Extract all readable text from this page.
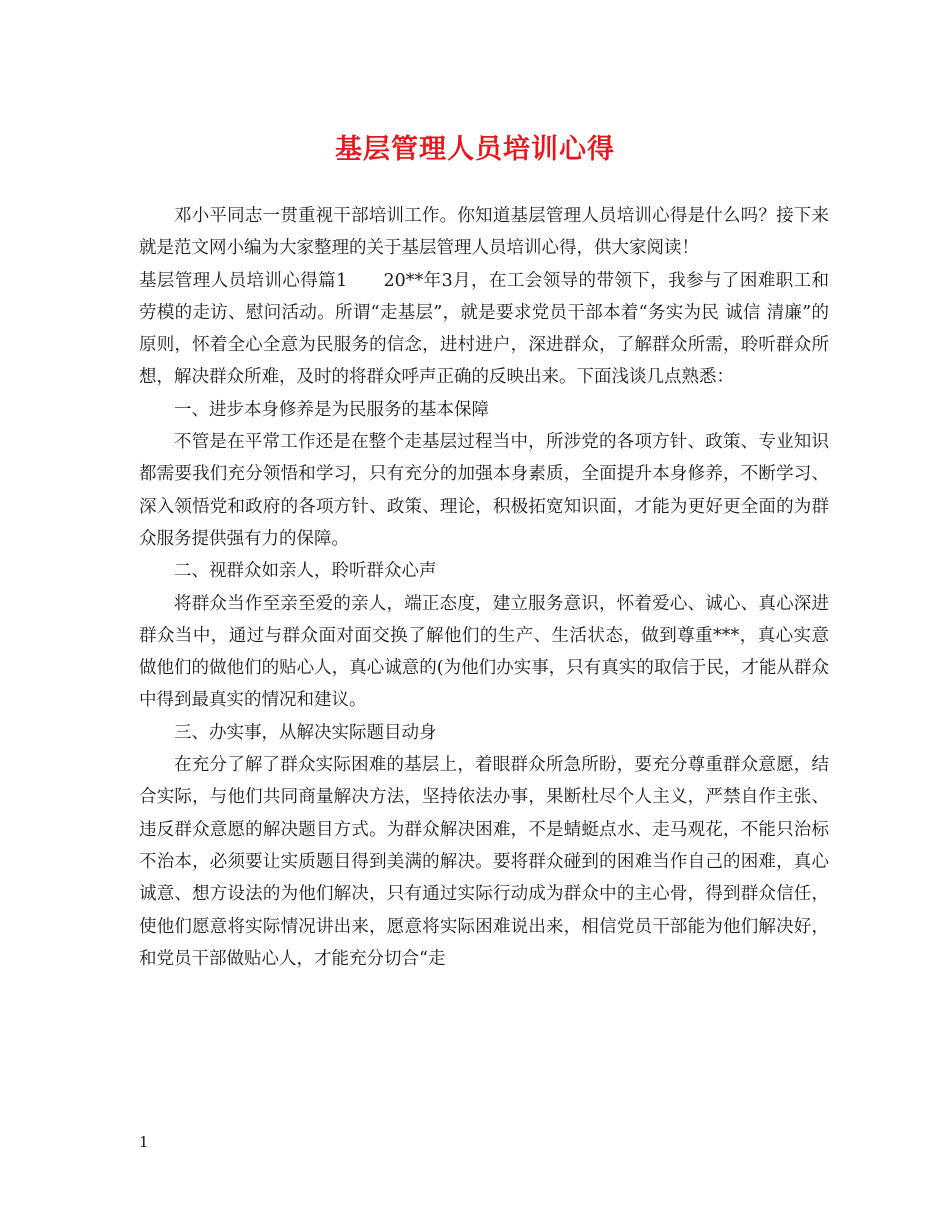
基层管理人员培训心得

邓小平同志一贯重视干部培训工作。你知道基层管理人员培训心得是什么吗？接下来就是范文网小编为大家整理的关于基层管理人员培训心得，供大家阅读！

基层管理人员培训心得篇1　　20**年3月，在工会领导的带领下，我参与了困难职工和劳模的走访、慰问活动。所谓“走基层”，就是要求党员干部本着“务实为民 诚信 清廉”的原则，怀着全心全意为民服务的信念，进村进户，深进群众，了解群众所需，聆听群众所想，解决群众所难，及时的将群众呼声正确的反映出来。下面浅谈几点熟悉：

一、进步本身修养是为民服务的基本保障

不管是在平常工作还是在整个走基层过程当中，所涉党的各项方针、政策、专业知识都需要我们充分领悟和学习，只有充分的加强本身素质，全面提升本身修养，不断学习、深入领悟党和政府的各项方针、政策、理论，积极拓宽知识面，才能为更好更全面的为群众服务提供强有力的保障。

二、视群众如亲人，聆听群众心声

将群众当作至亲至爱的亲人，端正态度，建立服务意识，怀着爱心、诚心、真心深进群众当中，通过与群众面对面交换了解他们的生产、生活状态，做到尊重***，真心实意做他们的做他们的贴心人，真心诚意的(为他们办实事，只有真实的取信于民，才能从群众中得到最真实的情况和建议。

三、办实事，从解决实际题目动身

在充分了解了群众实际困难的基层上，着眼群众所急所盼，要充分尊重群众意愿，结合实际，与他们共同商量解决方法，坚持依法办事，果断杜尽个人主义，严禁自作主张、违反群众意愿的解决题目方式。为群众解决困难，不是蜻蜓点水、走马观花，不能只治标不治本，必须要让实质题目得到美满的解决。要将群众碰到的困难当作自己的困难，真心诚意、想方设法的为他们解决，只有通过实际行动成为群众中的主心骨，得到群众信任，使他们愿意将实际情况讲出来，愿意将实际困难说出来，相信党员干部能为他们解决好，和党员干部做贴心人，才能充分切合“走

1
